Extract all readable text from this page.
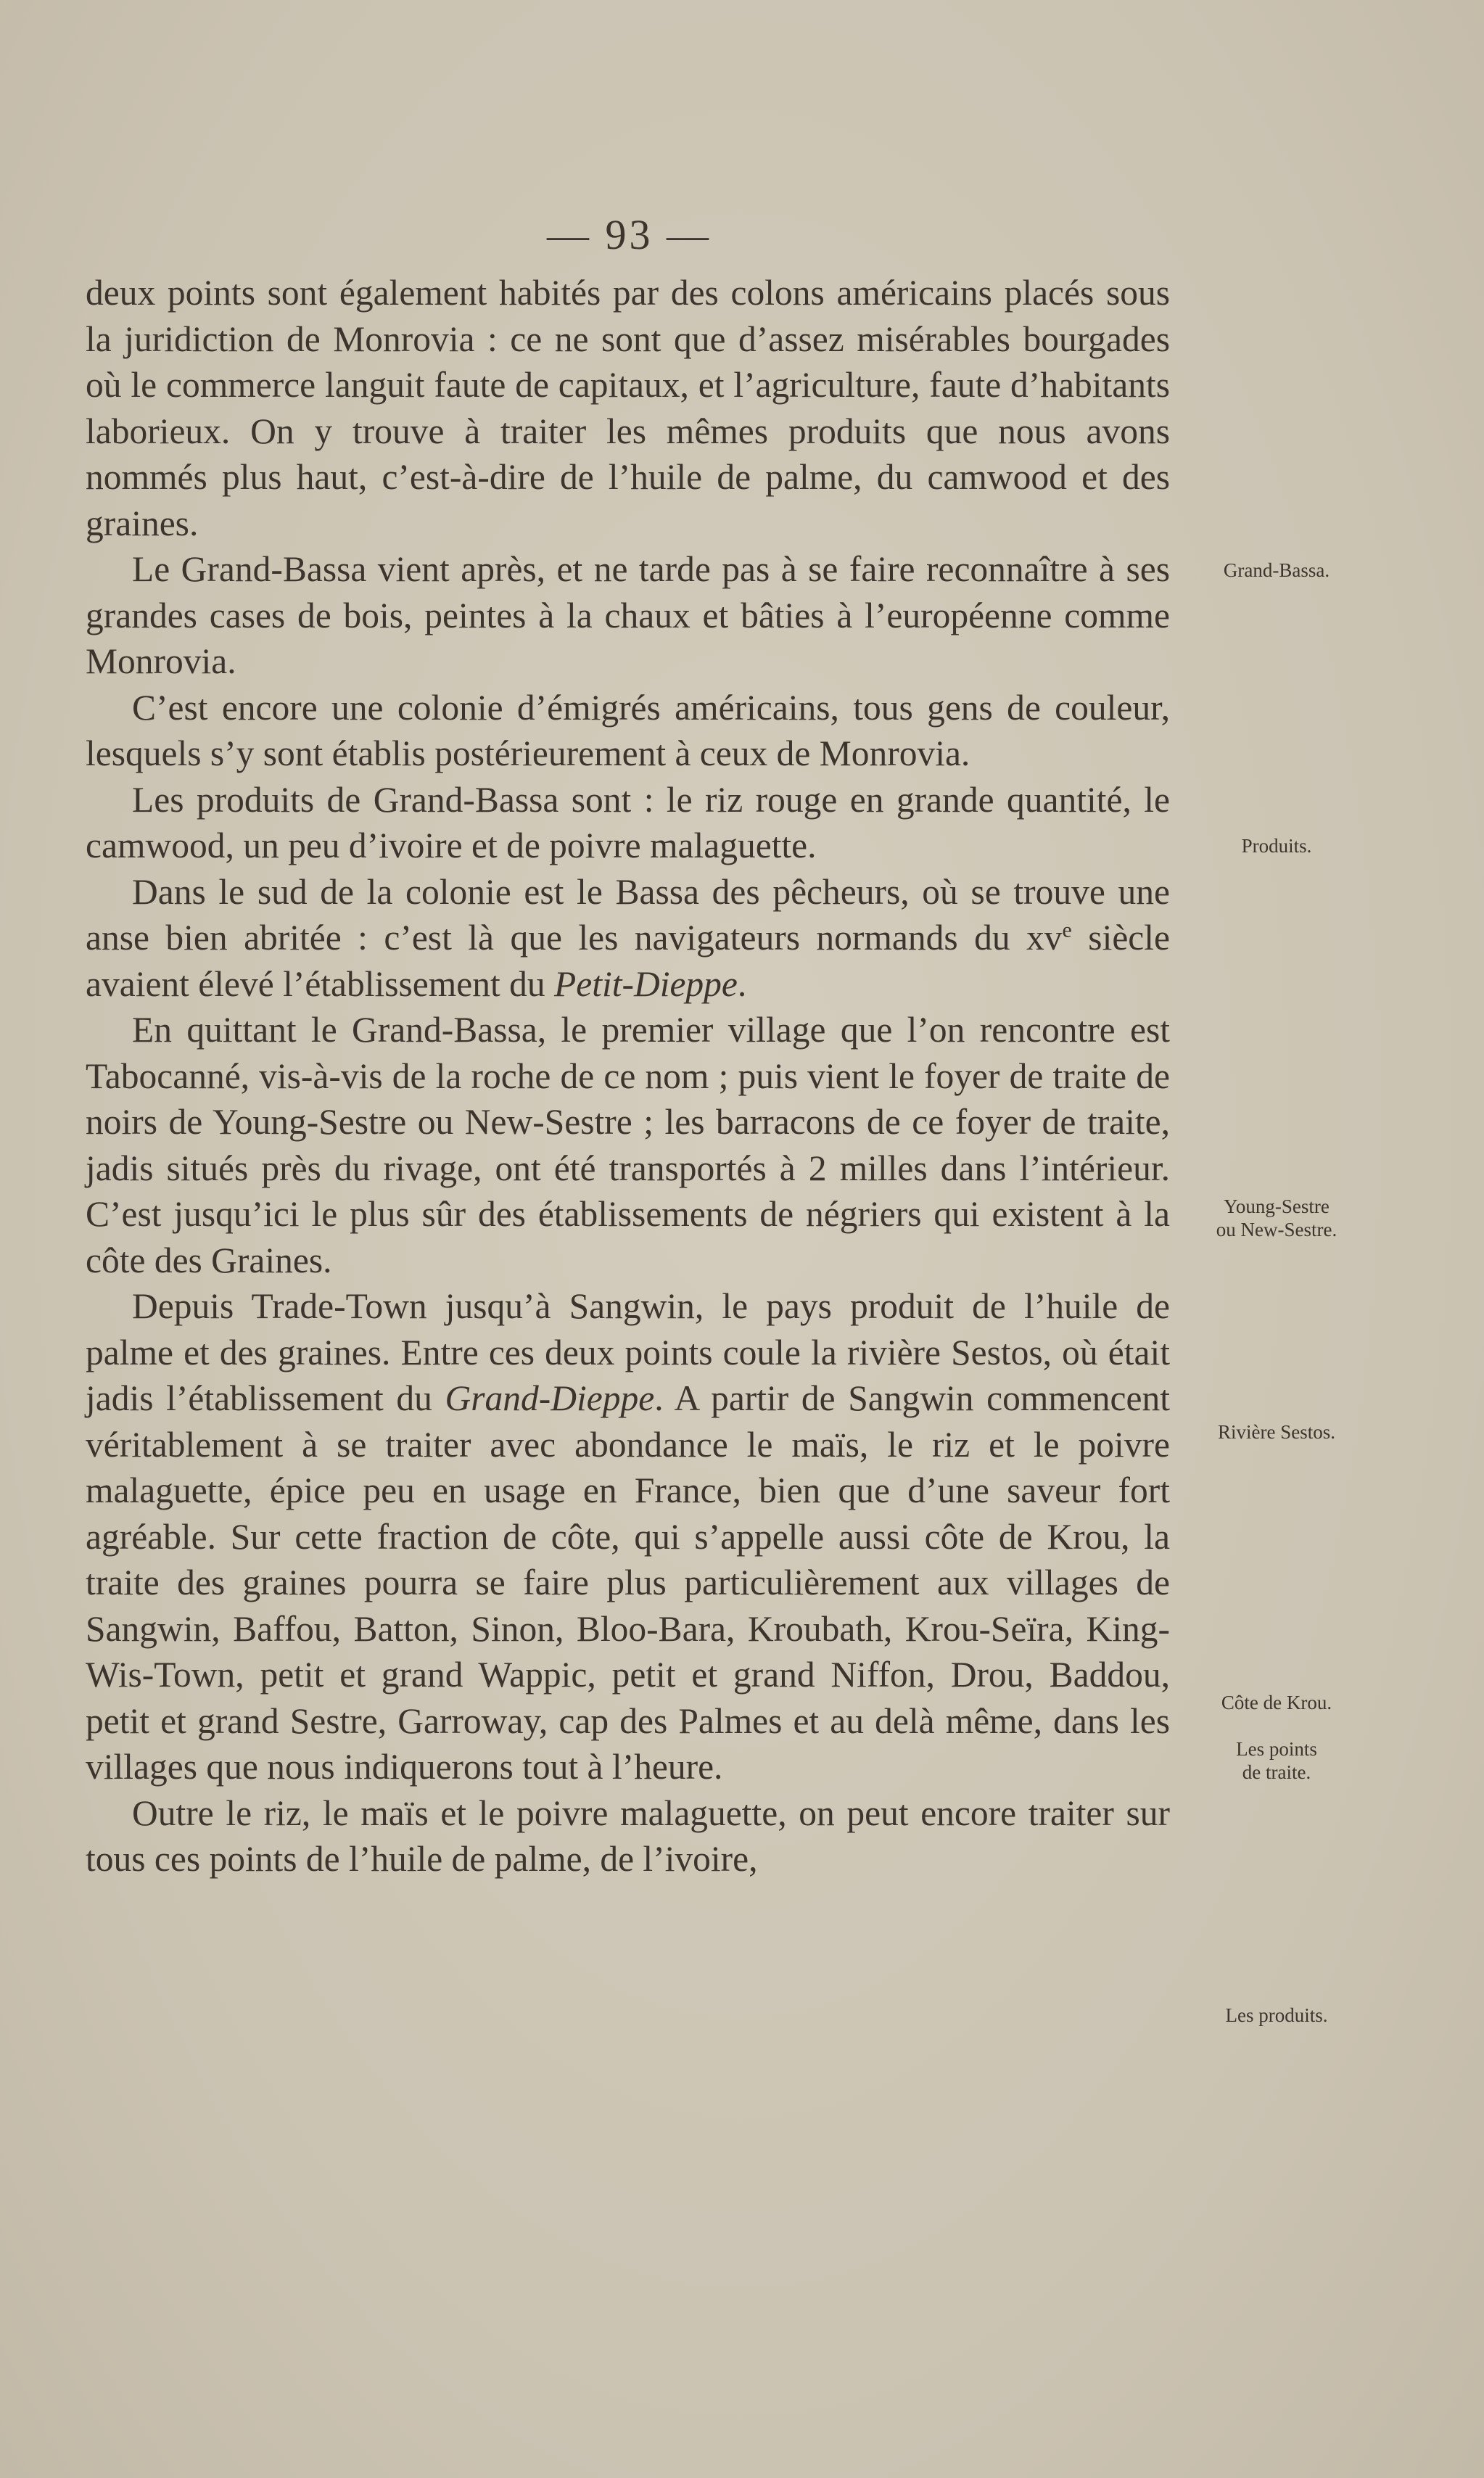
— 93 —

deux points sont également habités par des colons américains placés sous la juridiction de Monrovia : ce ne sont que d’assez misérables bourgades où le commerce languit faute de capitaux, et l’agriculture, faute d’habitants laborieux. On y trouve à traiter les mêmes produits que nous avons nommés plus haut, c’est-à-dire de l’huile de palme, du camwood et des graines.

Le Grand-Bassa vient après, et ne tarde pas à se faire reconnaître à ses grandes cases de bois, peintes à la chaux et bâties à l’européenne comme Monrovia.

C’est encore une colonie d’émigrés américains, tous gens de couleur, lesquels s’y sont établis postérieurement à ceux de Monrovia.

Les produits de Grand-Bassa sont : le riz rouge en grande quantité, le camwood, un peu d’ivoire et de poivre malaguette.

Dans le sud de la colonie est le Bassa des pêcheurs, où se trouve une anse bien abritée : c’est là que les navigateurs normands du $xv^e$ siècle avaient élevé l’établissement du Petit-Dieppe.

En quittant le Grand-Bassa, le premier village que l’on rencontre est Tabocanné, vis-à-vis de la roche de ce nom ; puis vient le foyer de traite de noirs de Young-Sestre ou New-Sestre ; les barracons de ce foyer de traite, jadis situés près du rivage, ont été transportés à 2 milles dans l’intérieur. C’est jusqu’ici le plus sûr des établissements de négriers qui existent à la côte des Graines.

Depuis Trade-Town jusqu’à Sangwin, le pays produit de l’huile de palme et des graines. Entre ces deux points coule la rivière Sestos, où était jadis l’établissement du Grand-Dieppe. A partir de Sangwin commencent véritablement à se traiter avec abondance le maïs, le riz et le poivre malaguette, épice peu en usage en France, bien que d’une saveur fort agréable. Sur cette fraction de côte, qui s’appelle aussi côte de Krou, la traite des graines pourra se faire plus particulièrement aux villages de Sangwin, Baffou, Batton, Sinon, Bloo-Bara, Kroubath, Krou-Seïra, King-Wis-Town, petit et grand Wappic, petit et grand Niffon, Drou, Baddou, petit et grand Sestre, Garroway, cap des Palmes et au delà même, dans les villages que nous indiquerons tout à l’heure.

Outre le riz, le maïs et le poivre malaguette, on peut encore traiter sur tous ces points de l’huile de palme, de l’ivoire,

Grand-Bassa.
Produits.
Young-Sestre
ou New-Sestre.
Rivière Sestos.
Côte de Krou.
Les points
de traite.
Les produits.
